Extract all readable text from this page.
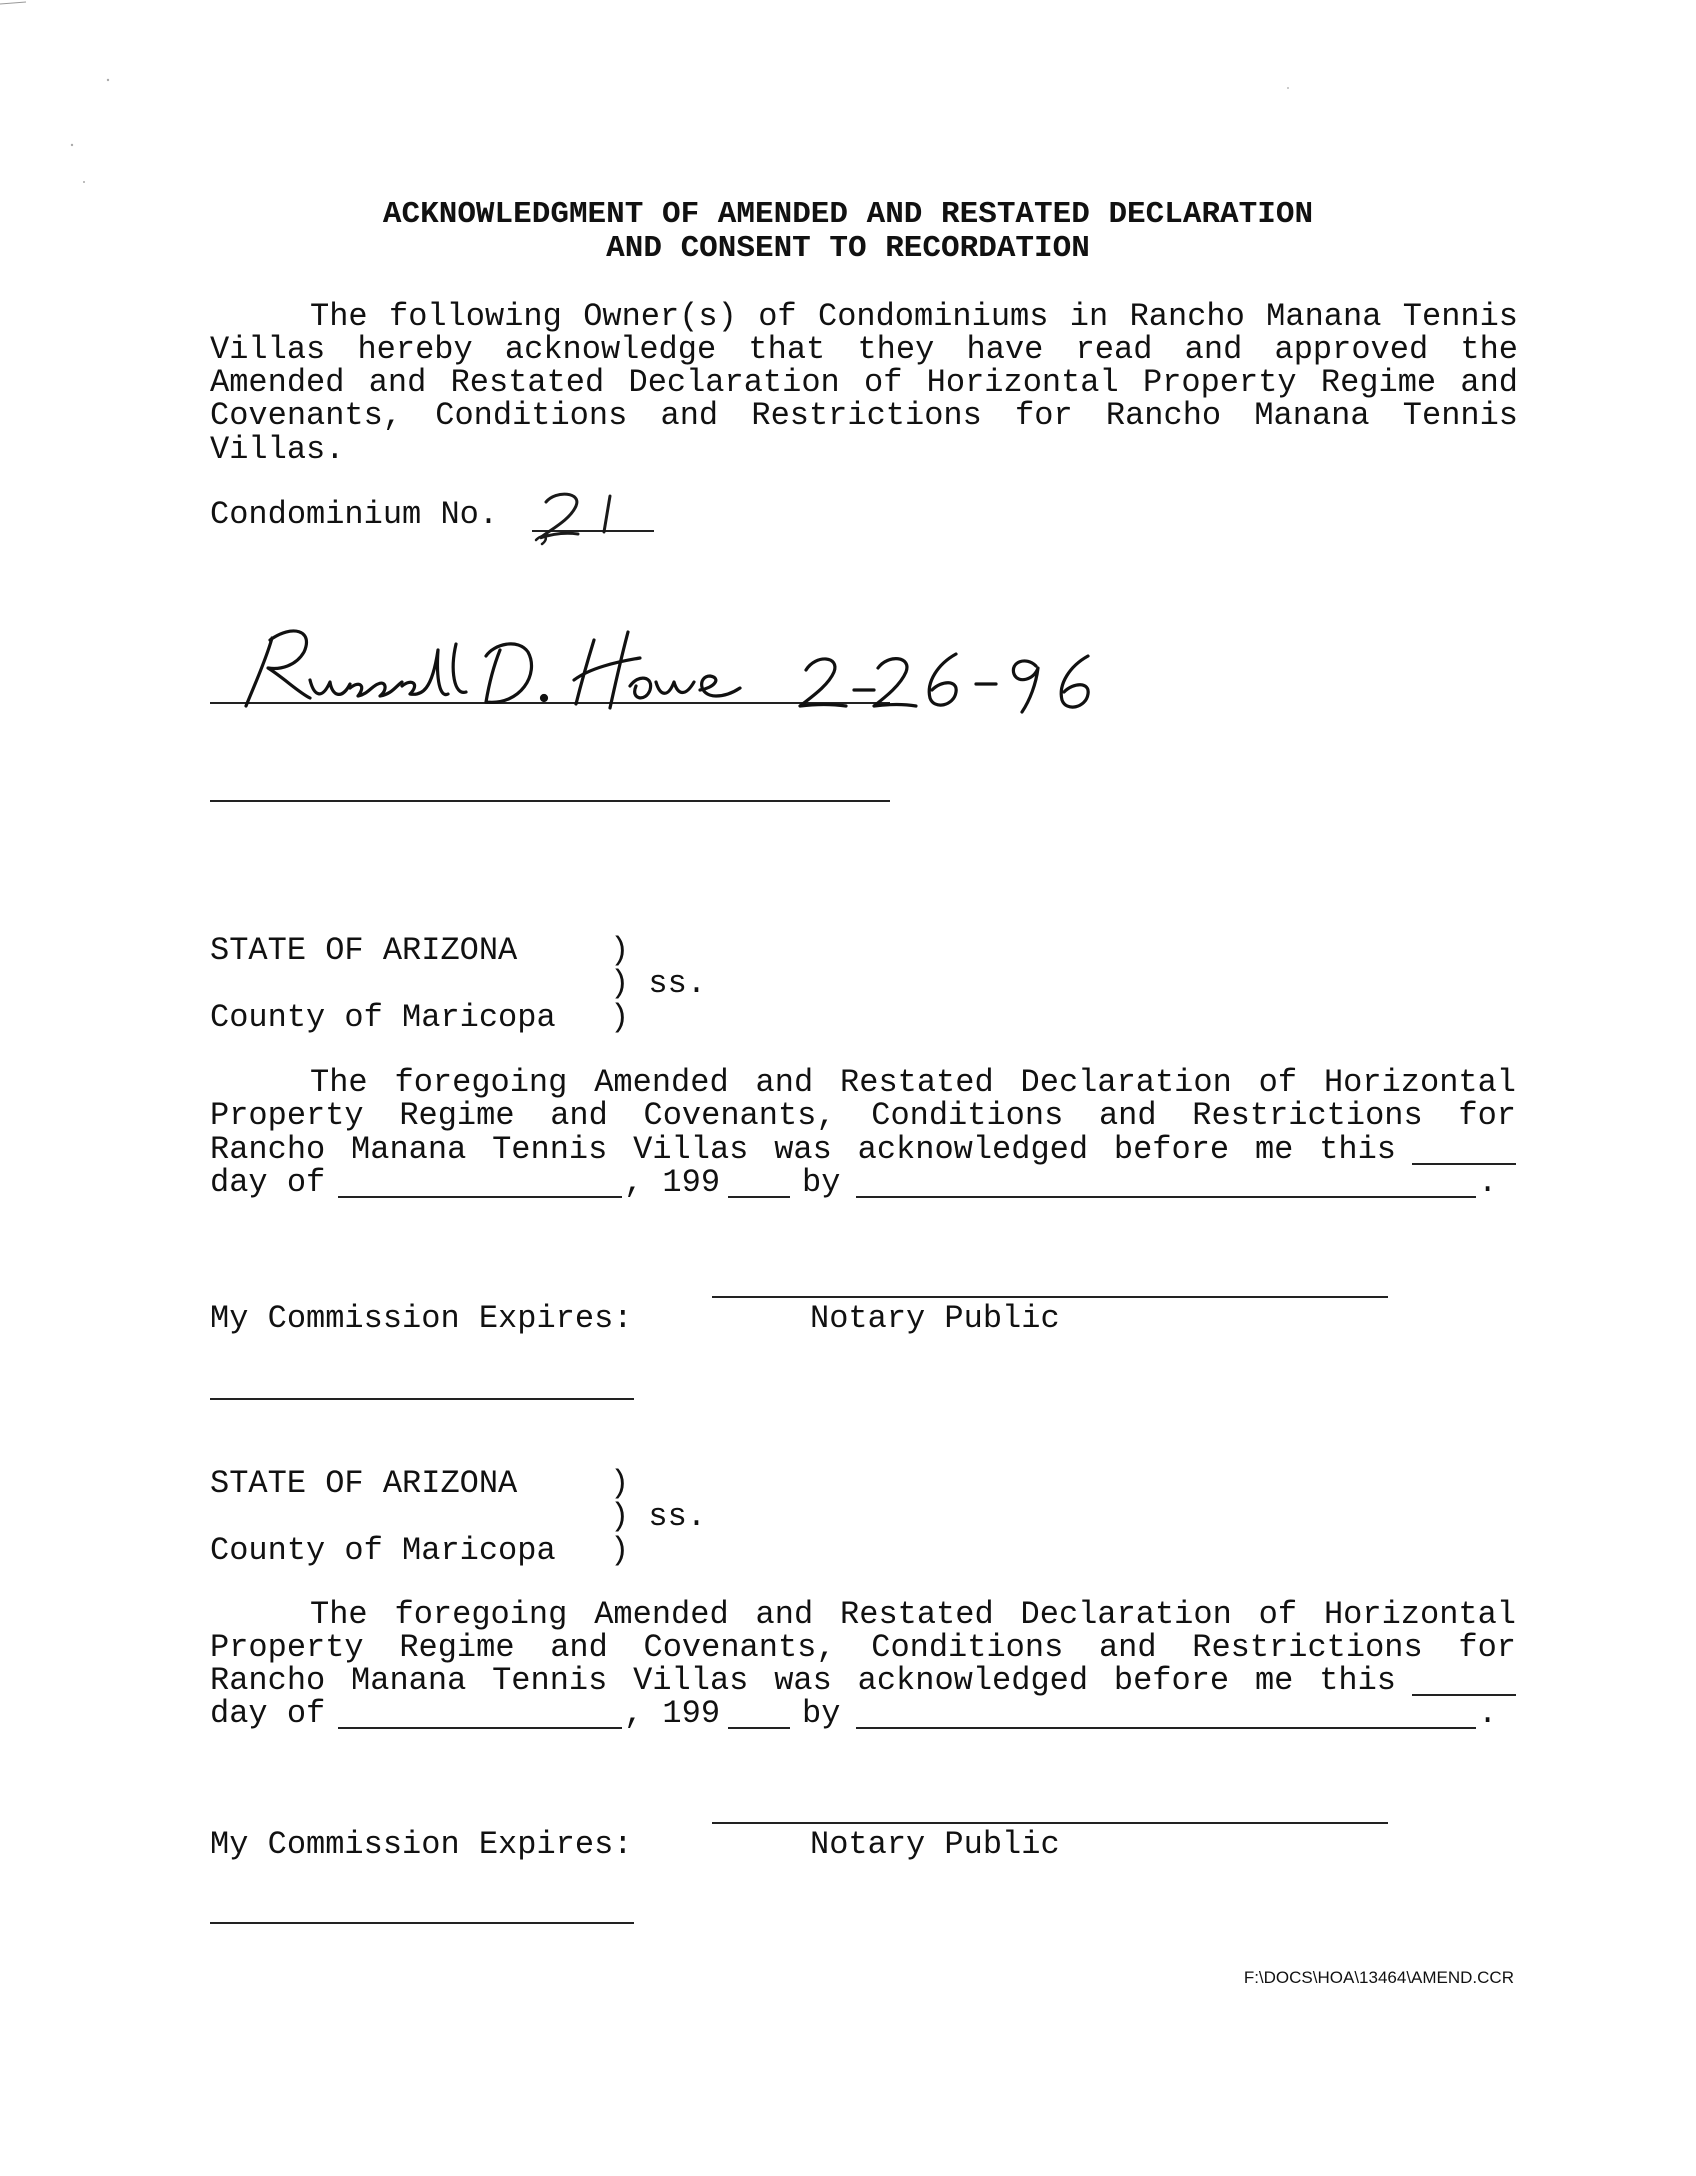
ACKNOWLEDGMENT OF AMENDED AND RESTATED DECLARATION
AND CONSENT TO RECORDATION
The following Owner(s) of Condominiums in Rancho Manana Tennis
Villas hereby acknowledge that they have read and approved the
Amended and Restated Declaration of Horizontal Property Regime and
Covenants, Conditions and Restrictions for Rancho Manana Tennis
Villas.
Condominium No.
STATE OF ARIZONA	)
) ss.
County of Maricopa )
The foregoing Amended and Restated Declaration of Horizontal
Property Regime and Covenants, Conditions and Restrictions for
Rancho Manana Tennis Villas was acknowledged before me this
day of	, 199	by	.
My Commission Expires:	Notary Public
STATE OF ARIZONA	)
) ss.
County of Maricopa )
The foregoing Amended and Restated Declaration of Horizontal
Property Regime and Covenants, Conditions and Restrictions for
Rancho Manana Tennis Villas was acknowledged before me this
day of	, 199	by	.
My Commission Expires:	Notary Public
F:\DOCS\HOA\13464\AMEND.CCR
